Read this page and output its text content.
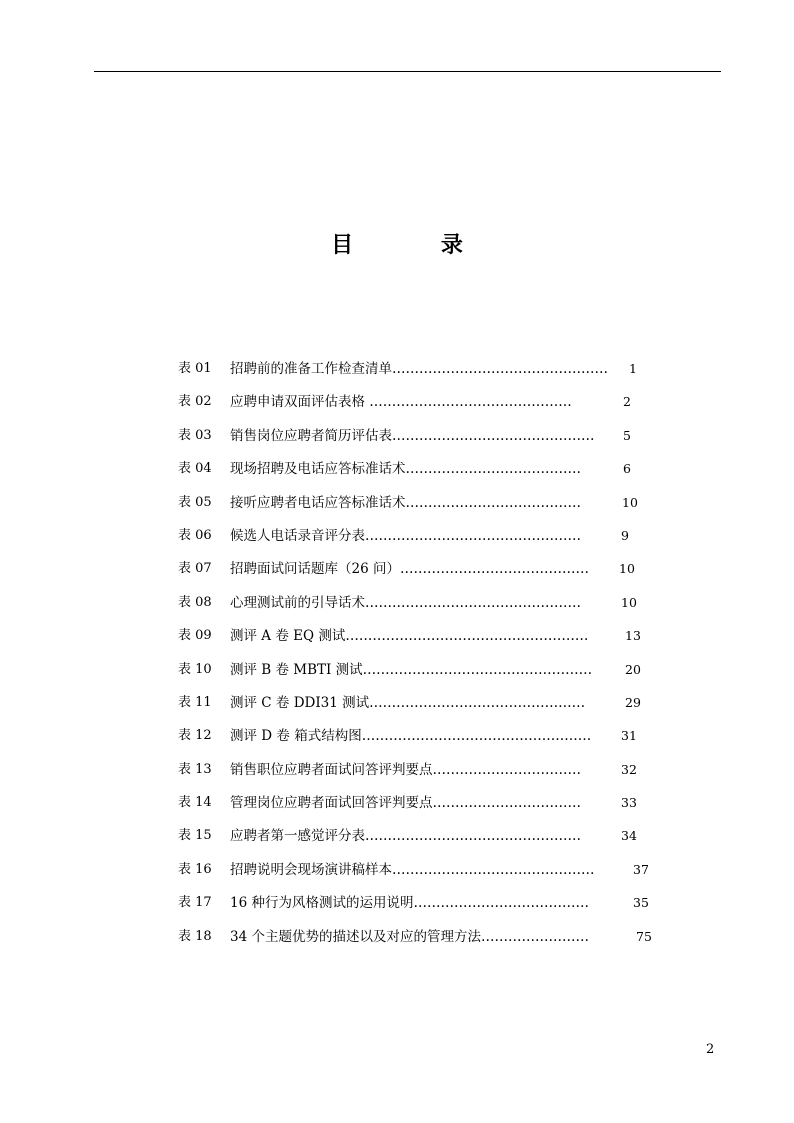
目 录
表 01 招聘前的准备工作检查清单………………………………………… 1
表 02 应聘申请双面评估表格 ………………………………………	2
表 03 销售岗位应聘者简历评估表……………………………………… 5
表 04 现场招聘及电话应答标准话术…………………………………	6
表 05 接听应聘者电话应答标准话术…………………………………	10
表 06 候选人电话录音评分表…………………………………………	9
表 07 招聘面试问话题库（26 问）…………………………………… 10
表 08 心理测试前的引导话术…………………………………………	10
表 09 测评 A 卷 EQ 测试………………………………………………	13
表 10 测评 B 卷 MBTI 测试……………………………………………	20
表 11 测评 C 卷 DDI31 测试…………………………………………	29
表 12 测评 D 卷 箱式结构图…………………………………………… 31
表 13 销售职位应聘者面试问答评判要点……………………………	32
表 14 管理岗位应聘者面试回答评判要点……………………………	33
表 15 应聘者第一感觉评分表…………………………………………	34
表 16 招聘说明会现场演讲稿样本………………………………………	37
表 17 16 种行为风格测试的运用说明…………………………………	35
表 18 34 个主题优势的描述以及对应的管理方法……………………	75
2
